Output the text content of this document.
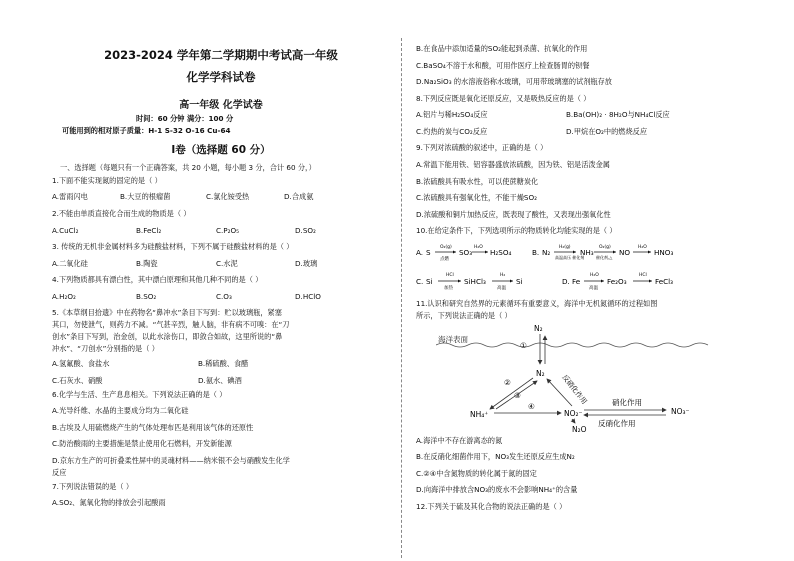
2023-2024 学年第二学期期中考试高一年级
化学学科试卷
高一年级 化学试卷
时间：60 分钟 满分：100 分
可能用到的相对原子质量：H-1 S-32 O-16 Cu-64
Ⅰ卷（选择题 60 分）
一、选择题（每题只有一个正确答案，共 20 小题，每小题 3 分，合计 60 分，）
1.下面不能实现氮的固定的是（ ）
A.雷雨闪电	B.大豆的根瘤菌	C.氯化铵受热	D.合成氨
2.不能由单质直接化合而生成的物质是（ ）
A.CuCl₂	B.FeCl₂	C.P₂O₅	D.SO₂
3. 传统的无机非金属材料多为硅酸盐材料，下列不属于硅酸盐材料的是（ ）
A.二氧化硅	B.陶瓷	C.水泥	D.玻璃
4.下列物质都具有漂白性，其中漂白原理和其他几种不同的是（ ）
A.H₂O₂	B.SO₂	C.O₃	D.HClO
5.《本草纲目拾遗》中在药物名“鼻冲水”条目下写到：贮以玻璃瓶，紧塞
其口，勿使泄气，则药力不减。“气甚辛烈，触人脑，非有病不可嗅：在“刀
创水”条目下写到，治金创，以此水涂伤口，即敛合如故，这里所说的“鼻
冲水”、“刀创水”分别指的是（ ）
A.氢氟酸、食盐水	B.稀硫酸、食醋
C.石灰水、硝酸	D.氨水、碘酒
6.化学与生活、生产息息相关。下列说法正确的是（ ）
A.光导纤维、水晶的主要成分均为二氧化硅
B.古埃及人用硫燃烧产生的气体处理布匹是利用该气体的还原性
C.防治酸雨的主要措施是禁止使用化石燃料，开发新能源
D.京东方生产的可折叠柔性屏中的灵魂材料——纳米银不会与硝酸发生化学
反应
7.下列说法错误的是（ ）
A.SO₂、氮氧化物的排放会引起酸雨
B.在食品中添加适量的SO₂能起到杀菌、抗氧化的作用
C.BaSO₄不溶于水和酸，可用作医疗上检查肠胃的钡餐
D.Na₂SiO₃ 的水溶液俗称水玻璃，可用带玻璃塞的试剂瓶存放
8.下列反应既是氧化还原反应，又是吸热反应的是（ ）
A.铝片与稀H₂SO₄反应	B.Ba(OH)₂ · 8H₂O与NH₄Cl反应
C.灼热的炭与CO₂反应	D.甲烷在O₂中的燃烧反应
9.下列对浓硫酸的叙述中，正确的是（ ）
A.常温下能用铁、铝容器盛放浓硫酸，因为铁、铝是活泼金属
B.浓硫酸具有吸水性，可以使蔗糖炭化
C.浓硫酸具有强氧化性，不能干燥SO₂
D.浓硫酸和铜片加热反应，既表现了酸性，又表现出强氧化性
10.在给定条件下，下列选项所示的物质转化均能实现的是（ ）
A. S
O₂(g)
点燃
SO₃
H₂O
H₂SO₄	B. N₂
H₂(g)
高温高压 催化剂
NH₃
O₂(g)
催化剂,△
NO
H₂O
HNO₃
C. Si
HCl
加热
SiHCl₃
H₂
高温
Si	D. Fe
H₂O
高温
Fe₂O₃
HCl
FeCl₃
11.认识和研究自然界的元素循环有重要意义，海洋中无机氮循环的过程如图
所示，下列说法正确的是（ ）
海洋表面
N₂
①
N₂
②
③
NH₄⁺
④
NO₂⁻
反硝化作用
N₂O
硝化作用
反硝化作用
NO₃⁻
A.海洋中不存在游离态的氮
B.在反硝化细菌作用下，NO₃发生还原反应生成N₂
C.②④中含氮物质的转化属于氮的固定
D.向海洋中排放含NO₃的废水不会影响NH₄⁺的含量
12.下列关于硫及其化合物的说法正确的是（ ）
